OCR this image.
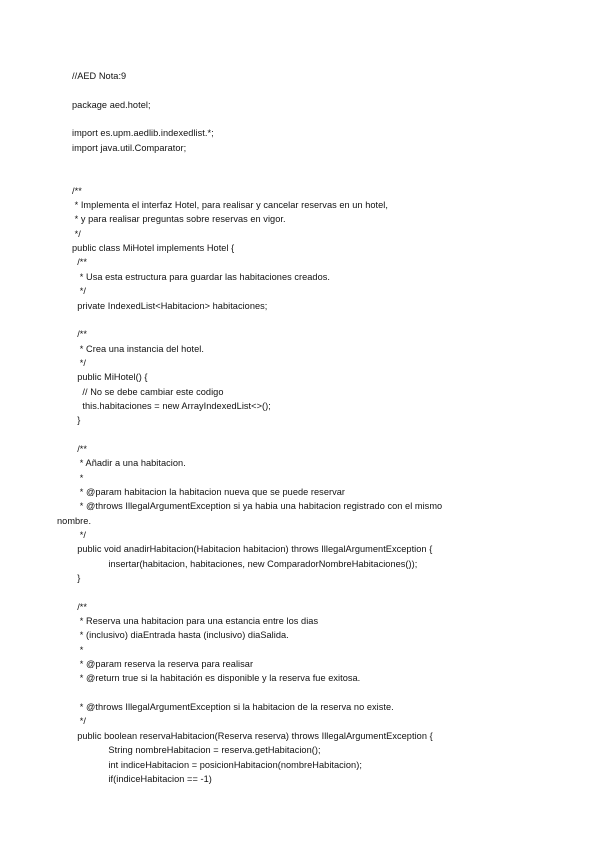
//AED Nota:9
package aed.hotel;
import es.upm.aedlib.indexedlist.*;
import java.util.Comparator;
/**
* Implementa el interfaz Hotel, para realisar y cancelar reservas en un hotel,
* y para realisar preguntas sobre reservas en vigor.
*/
public class MiHotel implements Hotel {
/**
* Usa esta estructura para guardar las habitaciones creados.
*/
private IndexedList<Habitacion> habitaciones;
/**
* Crea una instancia del hotel.
*/
public MiHotel() {
// No se debe cambiar este codigo
this.habitaciones = new ArrayIndexedList<>();
}
/**
* Añadir a una habitacion.
*
* @param habitacion la habitacion nueva que se puede reservar
* @throws IllegalArgumentException si ya habia una habitacion registrado con el mismo
nombre.
*/
public void anadirHabitacion(Habitacion habitacion) throws IllegalArgumentException {
insertar(habitacion, habitaciones, new ComparadorNombreHabitaciones());
}
/**
* Reserva una habitacion para una estancia entre los dias
* (inclusivo) diaEntrada hasta (inclusivo) diaSalida.
*
* @param reserva la reserva para realisar
* @return true si la habitación es disponible y la reserva fue exitosa.
* @throws IllegalArgumentException si la habitacion de la reserva no existe.
*/
public boolean reservaHabitacion(Reserva reserva) throws IllegalArgumentException {
String nombreHabitacion = reserva.getHabitacion();
int indiceHabitacion = posicionHabitacion(nombreHabitacion);
if(indiceHabitacion == -1)
